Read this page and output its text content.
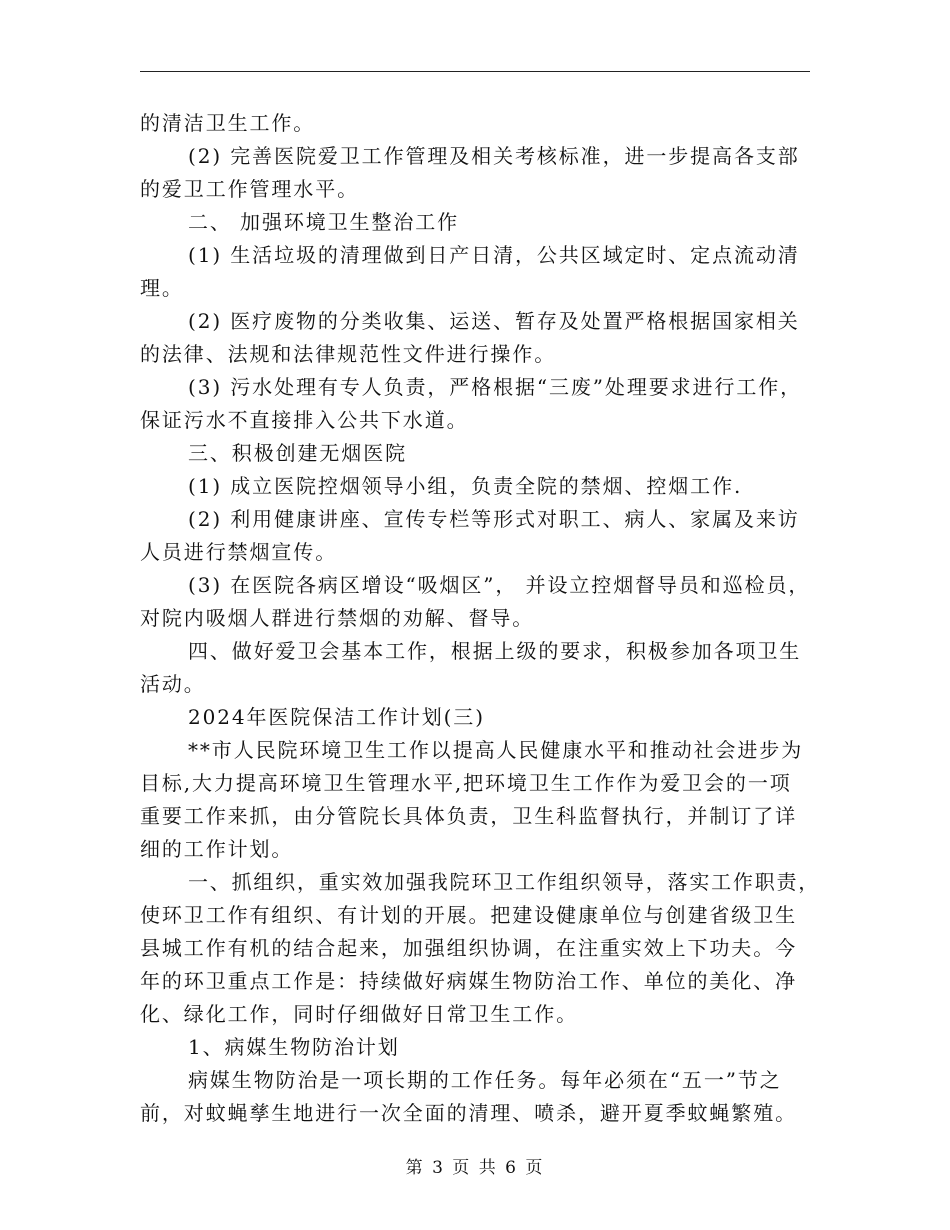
的清洁卫生工作。
(2) 完善医院爱卫工作管理及相关考核标准，进一步提高各支部
的爱卫工作管理水平。
二、 加强环境卫生整治工作
(1) 生活垃圾的清理做到日产日清，公共区域定时、定点流动清
理。
(2) 医疗废物的分类收集、运送、暂存及处置严格根据国家相关
的法律、法规和法律规范性文件进行操作。
(3) 污水处理有专人负责，严格根据“三废”处理要求进行工作，
保证污水不直接排入公共下水道。
三、积极创建无烟医院
(1) 成立医院控烟领导小组，负责全院的禁烟、控烟工作.
(2) 利用健康讲座、宣传专栏等形式对职工、病人、家属及来访
人员进行禁烟宣传。
(3) 在医院各病区增设“吸烟区”， 并设立控烟督导员和巡检员，
对院内吸烟人群进行禁烟的劝解、督导。
四、做好爱卫会基本工作，根据上级的要求，积极参加各项卫生
活动。
2024年医院保洁工作计划(三)
**市人民院环境卫生工作以提高人民健康水平和推动社会进步为
目标,大力提高环境卫生管理水平,把环境卫生工作作为爱卫会的一项
重要工作来抓，由分管院长具体负责，卫生科监督执行，并制订了详
细的工作计划。
一、抓组织，重实效加强我院环卫工作组织领导，落实工作职责，
使环卫工作有组织、有计划的开展。把建设健康单位与创建省级卫生
县城工作有机的结合起来，加强组织协调，在注重实效上下功夫。今
年的环卫重点工作是：持续做好病媒生物防治工作、单位的美化、净
化、绿化工作，同时仔细做好日常卫生工作。
1、病媒生物防治计划
病媒生物防治是一项长期的工作任务。每年必须在“五一”节之
前，对蚊蝇孳生地进行一次全面的清理、喷杀，避开夏季蚊蝇繁殖。
第 3 页 共 6 页
